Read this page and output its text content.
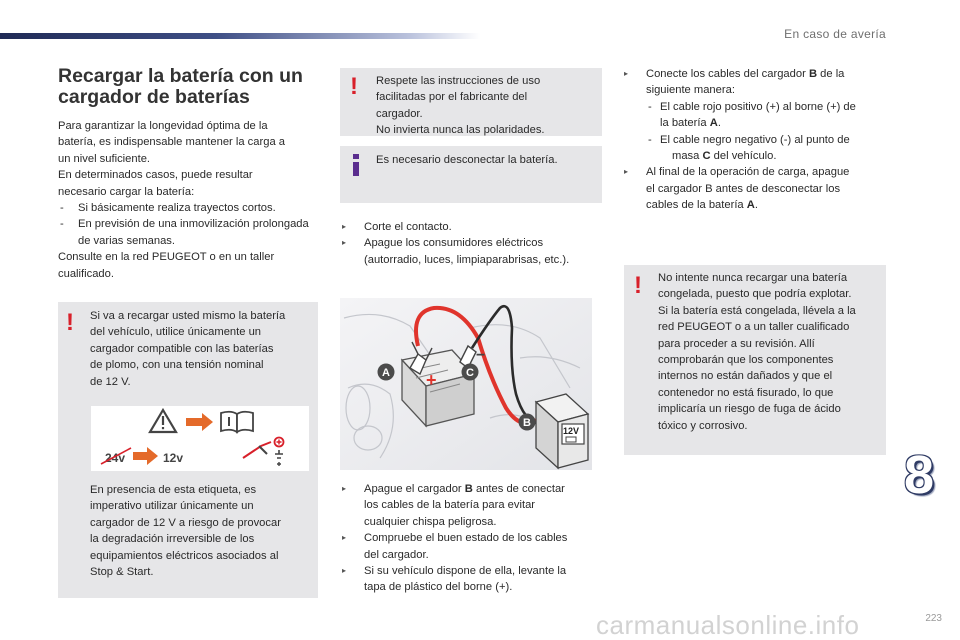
En caso de avería
Recargar la batería con un cargador de baterías
Para garantizar la longevidad óptima de la
batería, es indispensable mantener la carga a
un nivel suficiente.
En determinados casos, puede resultar
necesario cargar la batería:
- Si básicamente realiza trayectos cortos.
- En previsión de una inmovilización prolongada de varias semanas.
Consulte en la red PEUGEOT o en un taller
cualificado.
! Si va a recargar usted mismo la batería
del vehículo, utilice únicamente un
cargador compatible con las baterías
de plomo, con una tensión nominal
de 12 V.
En presencia de esta etiqueta, es
imperativo utilizar únicamente un
cargador de 12 V a riesgo de provocar
la degradación irreversible de los
equipamientos eléctricos asociados al
Stop & Start.
24v	12v
! Respete las instrucciones de uso
facilitadas por el fabricante del
cargador.
No invierta nunca las polaridades.
Es necesario desconectar la batería.
▸ Corte el contacto.
▸ Apague los consumidores eléctricos
(autorradio, luces, limpiaparabrisas, etc.).
+
−
12V
A	C
B
▸ Apague el cargador B antes de conectar
los cables de la batería para evitar
cualquier chispa peligrosa.
▸ Compruebe el buen estado de los cables
del cargador.
▸ Si su vehículo dispone de ella, levante la
tapa de plástico del borne (+).
▸ Conecte los cables del cargador B de la
siguiente manera:
- El cable rojo positivo (+) al borne (+) de
la batería A.
- El cable negro negativo (-) al punto de
masa C del vehículo.
▸ Al final de la operación de carga, apague
el cargador B antes de desconectar los
cables de la batería A.
! No intente nunca recargar una batería
congelada, puesto que podría explotar.
Si la batería está congelada, llévela a la
red PEUGEOT o a un taller cualificado
para proceder a su revisión. Allí
comprobarán que los componentes
internos no están dañados y que el
contenedor no está fisurado, lo que
implicaría un riesgo de fuga de ácido
tóxico y corrosivo.
8
carmanualsonline.info	223
